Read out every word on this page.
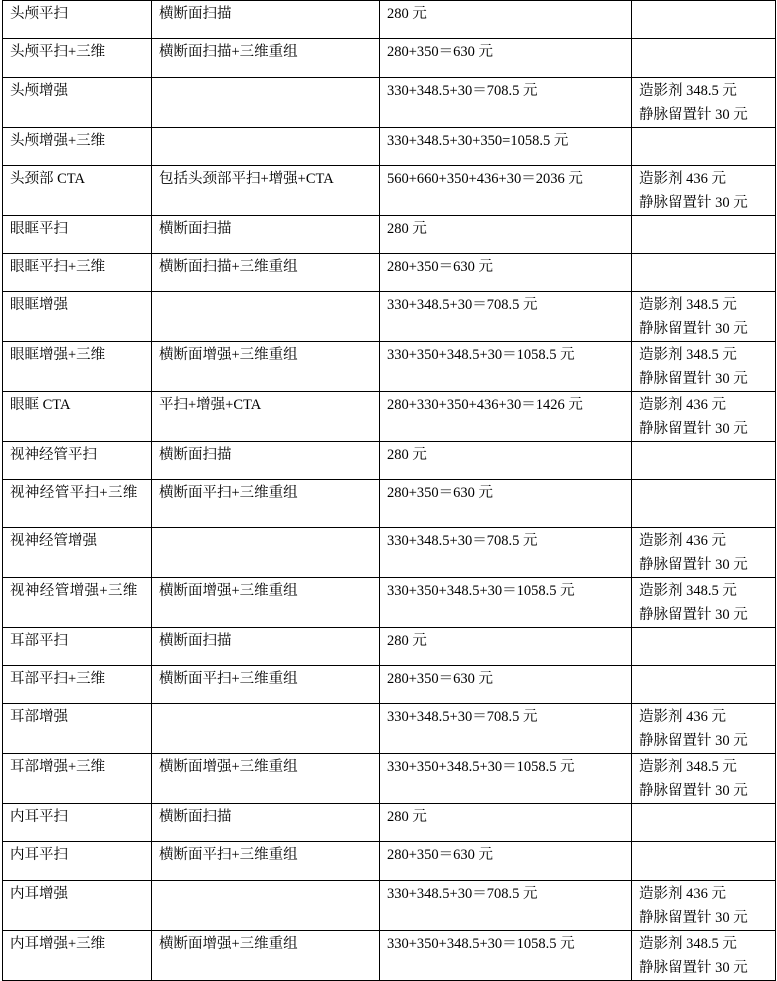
头颅平扫	横断面扫描	280 元	
头颅平扫+三维	横断面扫描+三维重组	280+350＝630 元	
头颅增强		330+348.5+30＝708.5 元	造影剂 348.5 元
静脉留置针 30 元

头颅增强+三维		330+348.5+30+350=1058.5 元	
头颈部 CTA	包括头颈部平扫+增强+CTA	560+660+350+436+30＝2036 元	造影剂 436 元
静脉留置针 30 元

眼眶平扫	横断面扫描	280 元	
眼眶平扫+三维	横断面扫描+三维重组	280+350＝630 元	
眼眶增强		330+348.5+30＝708.5 元	造影剂 348.5 元
静脉留置针 30 元

眼眶增强+三维	横断面增强+三维重组	330+350+348.5+30＝1058.5 元	造影剂 348.5 元
静脉留置针 30 元

眼眶 CTA	平扫+增强+CTA	280+330+350+436+30＝1426 元	造影剂 436 元
静脉留置针 30 元

视神经管平扫	横断面扫描	280 元	
视神经管平扫+三维	横断面平扫+三维重组	280+350＝630 元	
视神经管增强		330+348.5+30＝708.5 元	造影剂 436 元
静脉留置针 30 元

视神经管增强+三维	横断面增强+三维重组	330+350+348.5+30＝1058.5 元	造影剂 348.5 元
静脉留置针 30 元

耳部平扫	横断面扫描	280 元	
耳部平扫+三维	横断面平扫+三维重组	280+350＝630 元	
耳部增强		330+348.5+30＝708.5 元	造影剂 436 元
静脉留置针 30 元

耳部增强+三维	横断面增强+三维重组	330+350+348.5+30＝1058.5 元	造影剂 348.5 元
静脉留置针 30 元

内耳平扫	横断面扫描	280 元	
内耳平扫	横断面平扫+三维重组	280+350＝630 元	
内耳增强		330+348.5+30＝708.5 元	造影剂 436 元
静脉留置针 30 元

内耳增强+三维	横断面增强+三维重组	330+350+348.5+30＝1058.5 元	造影剂 348.5 元
静脉留置针 30 元
